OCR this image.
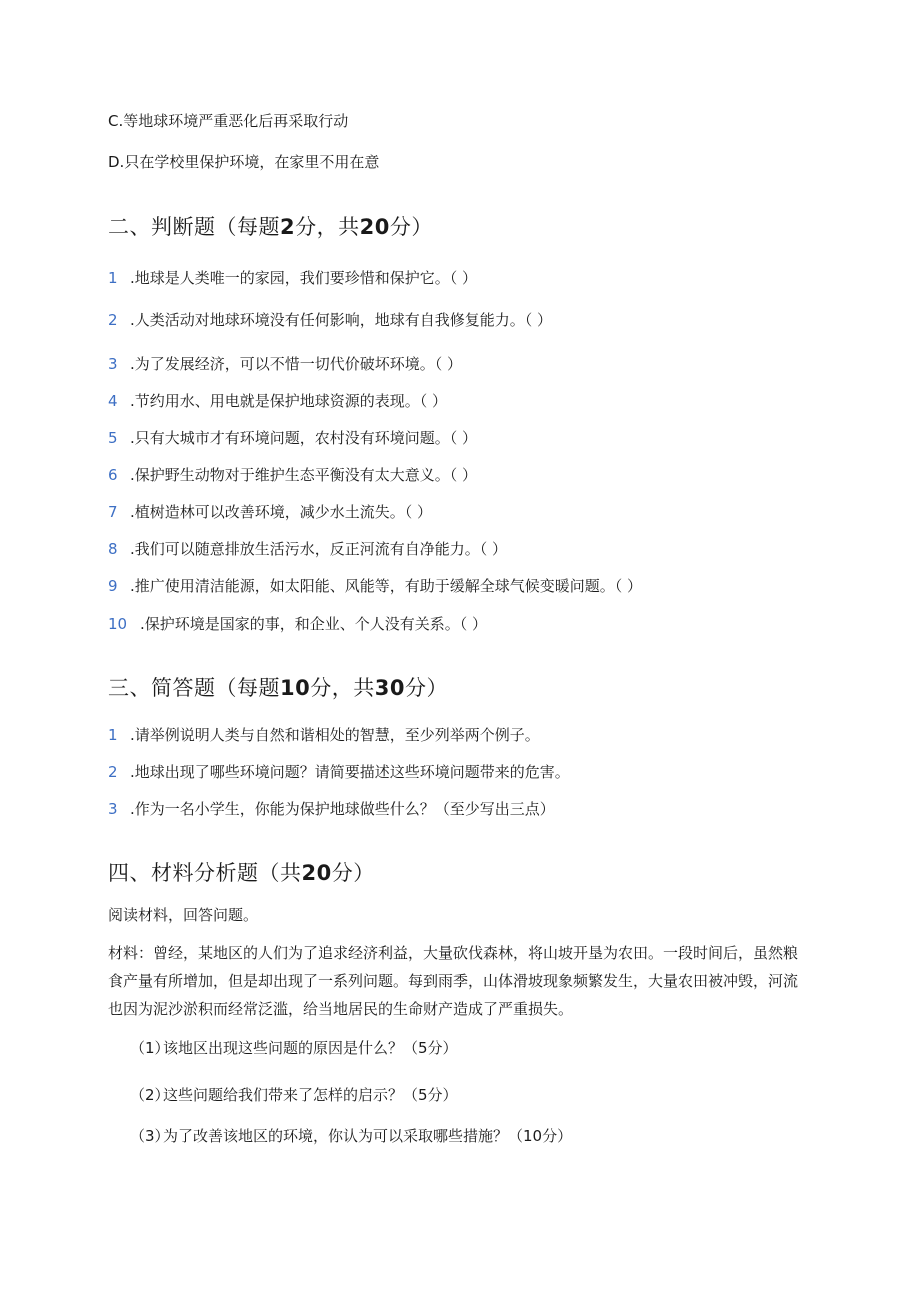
C.等地球环境严重恶化后再采取行动
D.只在学校里保护环境，在家里不用在意
二、判断题（每题2分，共20分）
1 .地球是人类唯一的家园，我们要珍惜和保护它。（ ）
2 .人类活动对地球环境没有任何影响，地球有自我修复能力。（ ）
3 .为了发展经济，可以不惜一切代价破坏环境。（ ）
4 .节约用水、用电就是保护地球资源的表现。（ ）
5 .只有大城市才有环境问题，农村没有环境问题。（ ）
6 .保护野生动物对于维护生态平衡没有太大意义。（ ）
7 .植树造林可以改善环境，减少水土流失。（ ）
8 .我们可以随意排放生活污水，反正河流有自净能力。（ ）
9 .推广使用清洁能源，如太阳能、风能等，有助于缓解全球气候变暖问题。（ ）
10 .保护环境是国家的事，和企业、个人没有关系。（ ）
三、简答题（每题10分，共30分）
1 .请举例说明人类与自然和谐相处的智慧，至少列举两个例子。
2 .地球出现了哪些环境问题？请简要描述这些环境问题带来的危害。
3 .作为一名小学生，你能为保护地球做些什么？（至少写出三点）
四、材料分析题（共20分）
阅读材料，回答问题。
材料：曾经，某地区的人们为了追求经济利益，大量砍伐森林，将山坡开垦为农田。一段时间后，虽然粮食产量有所增加，但是却出现了一系列问题。每到雨季，山体滑坡现象频繁发生，大量农田被冲毁，河流也因为泥沙淤积而经常泛滥，给当地居民的生命财产造成了严重损失。
（1）该地区出现这些问题的原因是什么？（5分）
（2）这些问题给我们带来了怎样的启示？（5分）
（3）为了改善该地区的环境，你认为可以采取哪些措施？（10分）
